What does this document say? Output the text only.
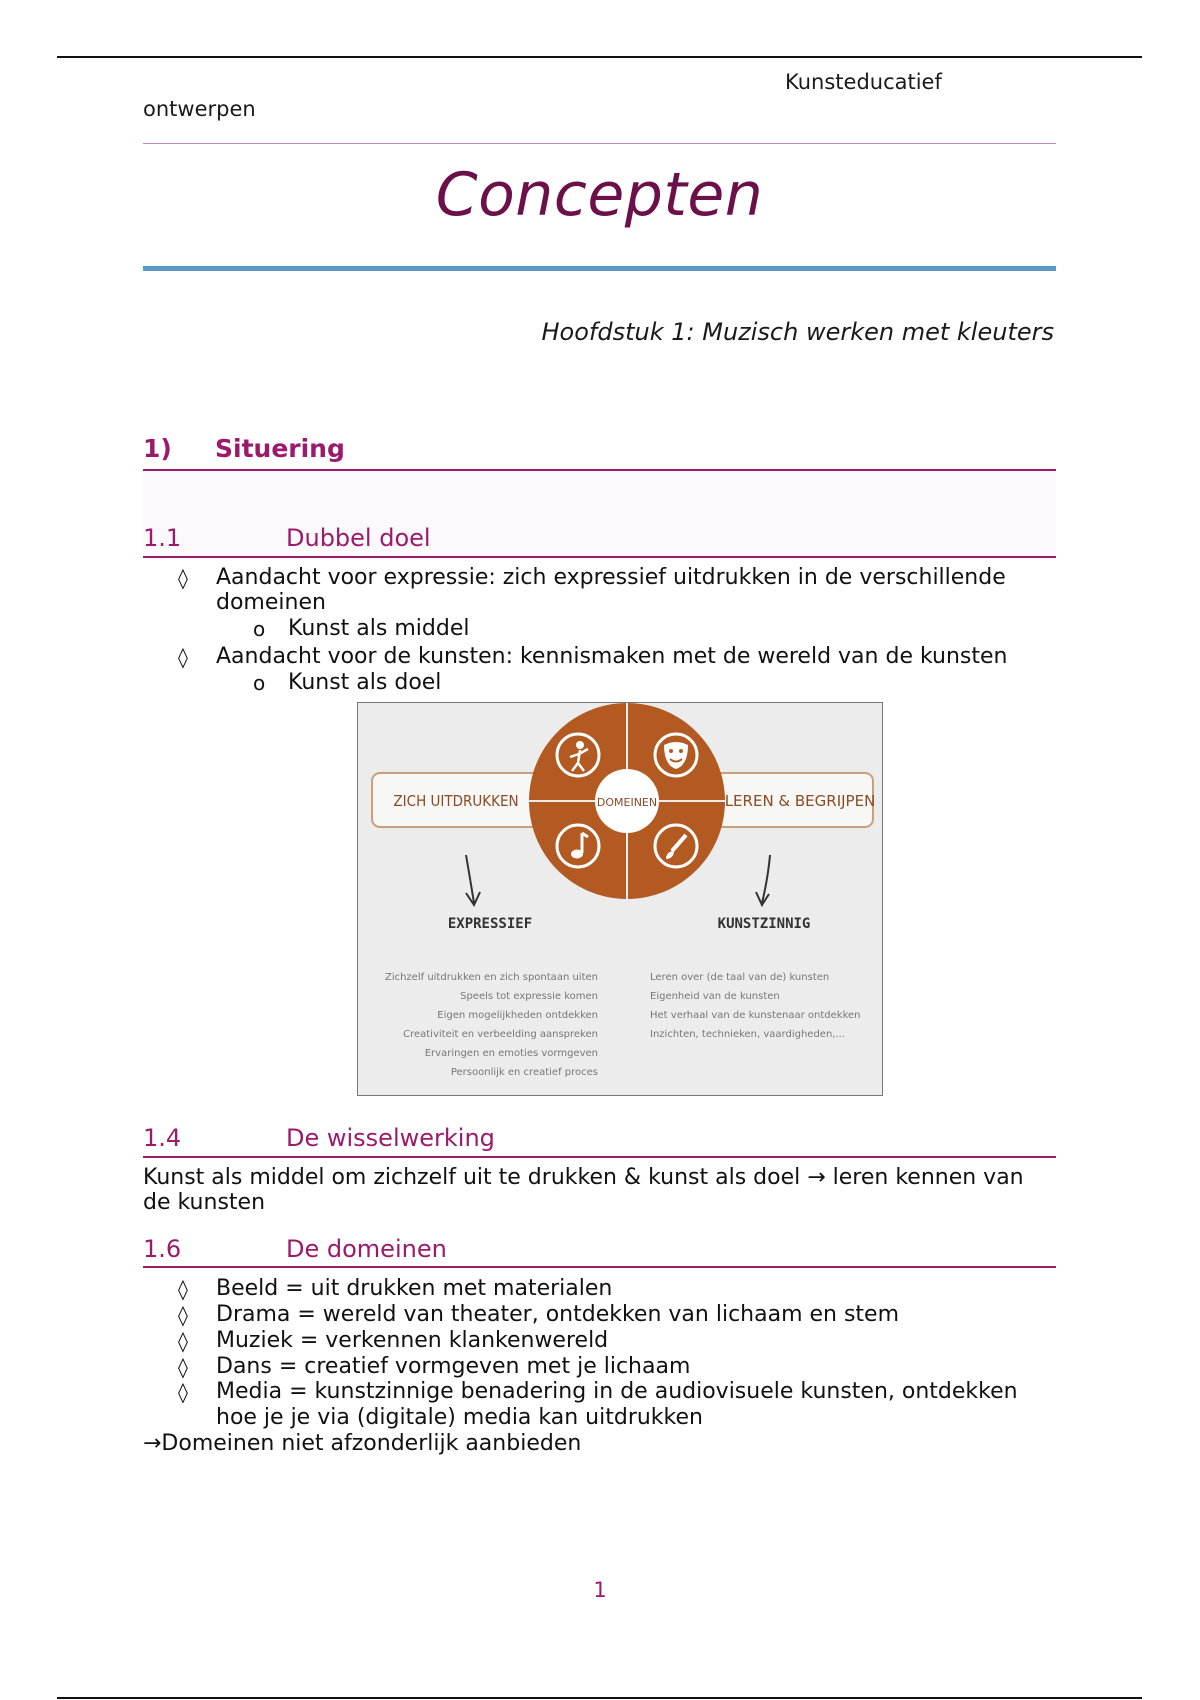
Kunsteducatief
ontwerpen
Concepten
Hoofdstuk 1: Muzisch werken met kleuters
1) Situering
1.1	Dubbel doel
◊ Aandacht voor expressie: zich expressief uitdrukken in de verschillende
domeinen
o Kunst als middel
◊ Aandacht voor de kunsten: kennismaken met de wereld van de kunsten
o Kunst als doel
ZICH UITDRUKKEN	LEREN & BEGRIJPEN
DOMEINEN
EXPRESSIEF	KUNSTZINNIG
Zichzelf uitdrukken en zich spontaan uiten
Speels tot expressie komen
Eigen mogelijkheden ontdekken
Creativiteit en verbeelding aanspreken
Ervaringen en emoties vormgeven
Persoonlijk en creatief proces
Leren over (de taal van de) kunsten
Eigenheid van de kunsten
Het verhaal van de kunstenaar ontdekken
Inzichten, technieken, vaardigheden,...
1.4	De wisselwerking
Kunst als middel om zichzelf uit te drukken & kunst als doel → leren kennen van
de kunsten
1.6	De domeinen
◊ Beeld = uit drukken met materialen
◊ Drama = wereld van theater, ontdekken van lichaam en stem
◊ Muziek = verkennen klankenwereld
◊ Dans = creatief vormgeven met je lichaam
◊ Media = kunstzinnige benadering in de audiovisuele kunsten, ontdekken
hoe je je via (digitale) media kan uitdrukken
→Domeinen niet afzonderlijk aanbieden
1
